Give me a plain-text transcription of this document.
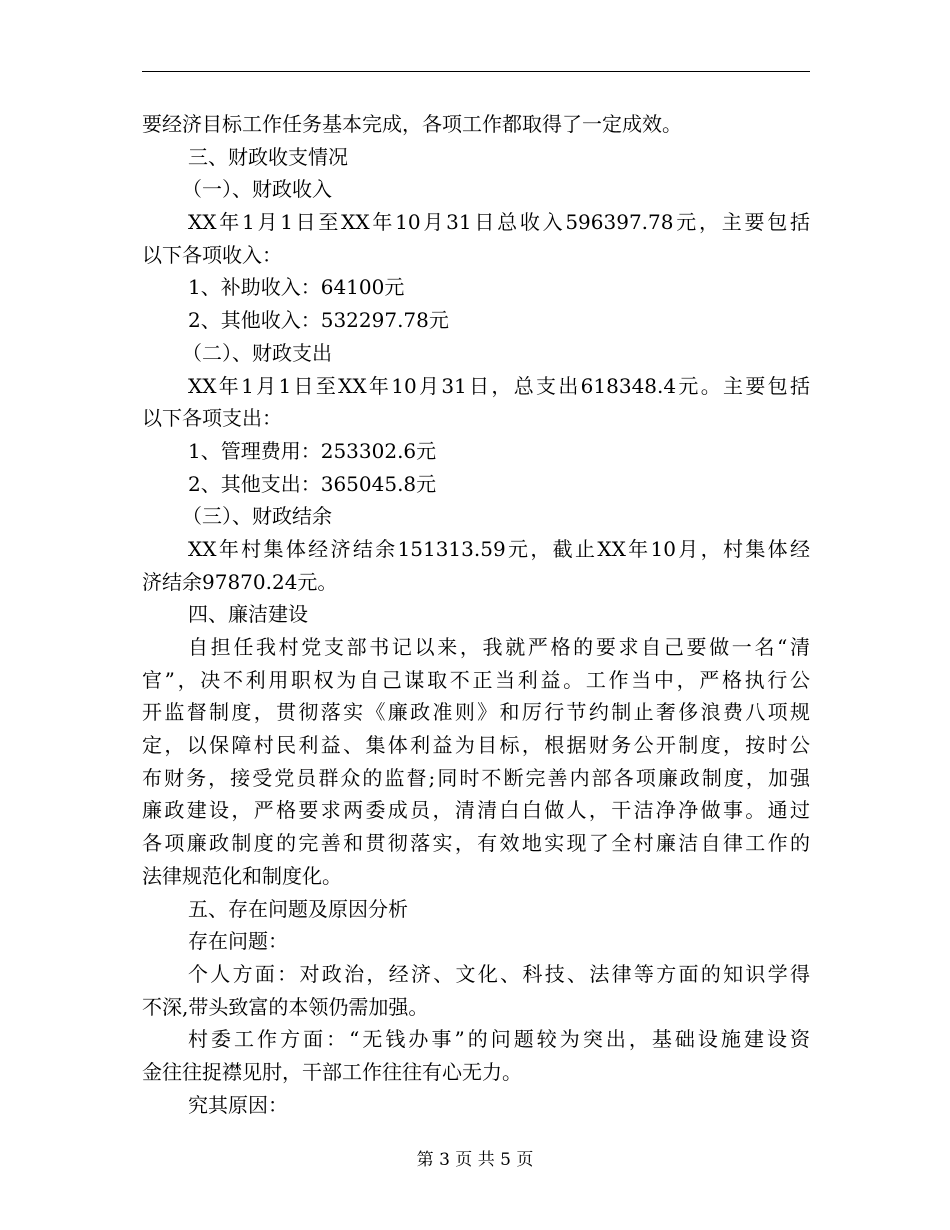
要经济目标工作任务基本完成，各项工作都取得了一定成效。
三、财政收支情况
（一）、财政收入
XX年1月1日至XX年10月31日总收入596397.78元，主要包括
以下各项收入：
1、补助收入：64100元
2、其他收入：532297.78元
（二）、财政支出
XX年1月1日至XX年10月31日，总支出618348.4元。主要包括
以下各项支出：
1、管理费用：253302.6元
2、其他支出：365045.8元
（三）、财政结余
XX年村集体经济结余151313.59元，截止XX年10月，村集体经
济结余97870.24元。
四、廉洁建设
自担任我村党支部书记以来，我就严格的要求自己要做一名“清
官”，决不利用职权为自己谋取不正当利益。工作当中，严格执行公
开监督制度，贯彻落实《廉政准则》和厉行节约制止奢侈浪费八项规
定，以保障村民利益、集体利益为目标，根据财务公开制度，按时公
布财务，接受党员群众的监督;同时不断完善内部各项廉政制度，加强
廉政建设，严格要求两委成员，清清白白做人，干洁净净做事。通过
各项廉政制度的完善和贯彻落实，有效地实现了全村廉洁自律工作的
法律规范化和制度化。
五、存在问题及原因分析
存在问题：
个人方面：对政治，经济、文化、科技、法律等方面的知识学得
不深,带头致富的本领仍需加强。
村委工作方面：“无钱办事”的问题较为突出，基础设施建设资
金往往捉襟见肘，干部工作往往有心无力。
究其原因：
第 3 页 共 5 页
